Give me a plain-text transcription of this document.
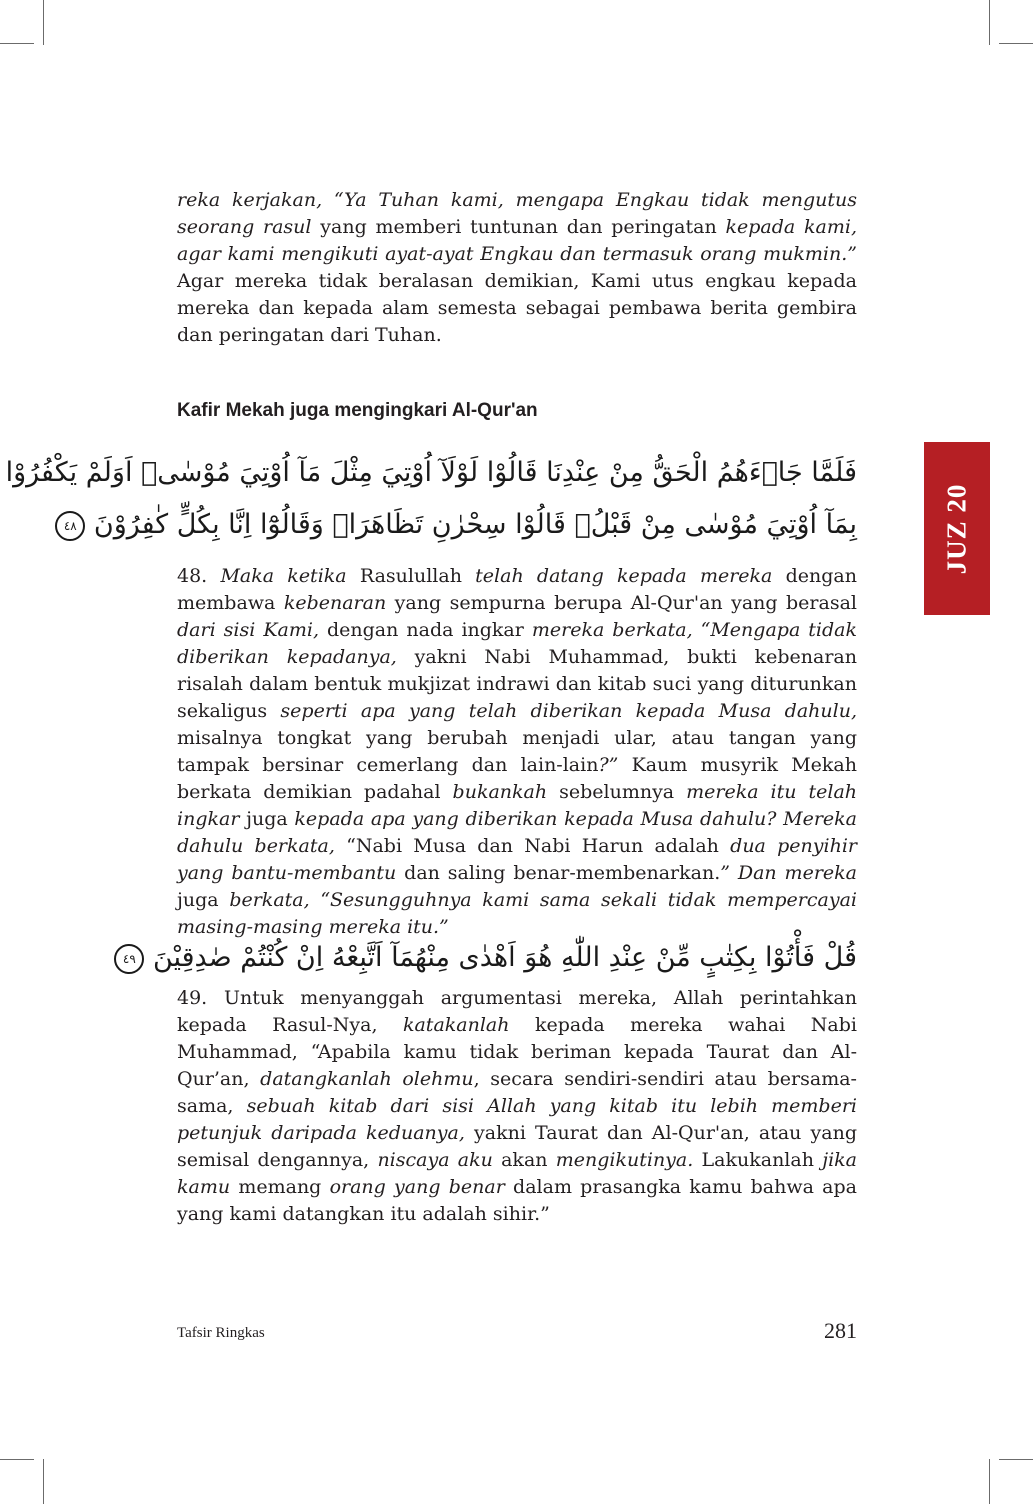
reka kerjakan, “Ya Tuhan kami, mengapa Engkau tidak mengutus seorang rasul yang memberi tuntunan dan peringatan kepada kami, agar kami mengikuti ayat-ayat Engkau dan termasuk orang mukmin.” Agar mereka tidak beralasan demikian, Kami utus engkau kepada mereka dan kepada alam semesta sebagai pembawa berita gembira dan peringatan dari Tuhan.

Kafir Mekah juga mengingkari Al-Qur'an
فَلَمَّا جَاۤءَهُمُ الْحَقُّ مِنْ عِنْدِنَا قَالُوْا لَوْلَآ اُوْتِيَ مِثْلَ مَآ اُوْتِيَ مُوْسٰىۗ اَوَلَمْ يَكْفُرُوْا
بِمَآ اُوْتِيَ مُوْسٰى مِنْ قَبْلُۚ قَالُوْا سِحْرٰنِ تَظَاهَرَاۗ وَقَالُوْٓا اِنَّا بِكُلٍّ كٰفِرُوْنَ ٤٨

48. Maka ketika Rasulullah telah datang kepada mereka dengan membawa kebenaran yang sempurna berupa Al-Qur'an yang berasal dari sisi Kami, dengan nada ingkar mereka berkata, “Mengapa tidak diberikan kepadanya, yakni Nabi Muhammad, bukti kebenaran risalah dalam bentuk mukjizat indrawi dan kitab suci yang diturunkan sekaligus seperti apa yang telah diberikan kepada Musa dahulu, misalnya tongkat yang berubah menjadi ular, atau tangan yang tampak bersinar cemerlang dan lain-lain?” Kaum musyrik Mekah berkata demikian padahal bukankah sebelumnya mereka itu telah ingkar juga kepada apa yang diberikan kepada Musa dahulu? Mereka dahulu berkata, “Nabi Musa dan Nabi Harun adalah dua penyihir yang bantu-membantu dan saling benar-membenarkan.” Dan mereka juga berkata, “Sesungguhnya kami sama sekali tidak mempercayai masing-masing mereka itu.”

قُلْ فَأْتُوْا بِكِتٰبٍ مِّنْ عِنْدِ اللّٰهِ هُوَ اَهْدٰى مِنْهُمَآ اَتَّبِعْهُ اِنْ كُنْتُمْ صٰدِقِيْنَ ٤٩

49. Untuk menyanggah argumentasi mereka, Allah perintahkan kepada Rasul-Nya, katakanlah kepada mereka wahai Nabi Muhammad, “Apabila kamu tidak beriman kepada Taurat dan Al-Qur’an, datangkanlah olehmu, secara sendiri-sendiri atau bersama-sama, sebuah kitab dari sisi Allah yang kitab itu lebih memberi petunjuk daripada keduanya, yakni Taurat dan Al-Qur'an, atau yang semisal dengannya, niscaya aku akan mengikutinya. Lakukanlah jika kamu memang orang yang benar dalam prasangka kamu bahwa apa yang kami datangkan itu adalah sihir.”

JUZ 20
Tafsir Ringkas	281
